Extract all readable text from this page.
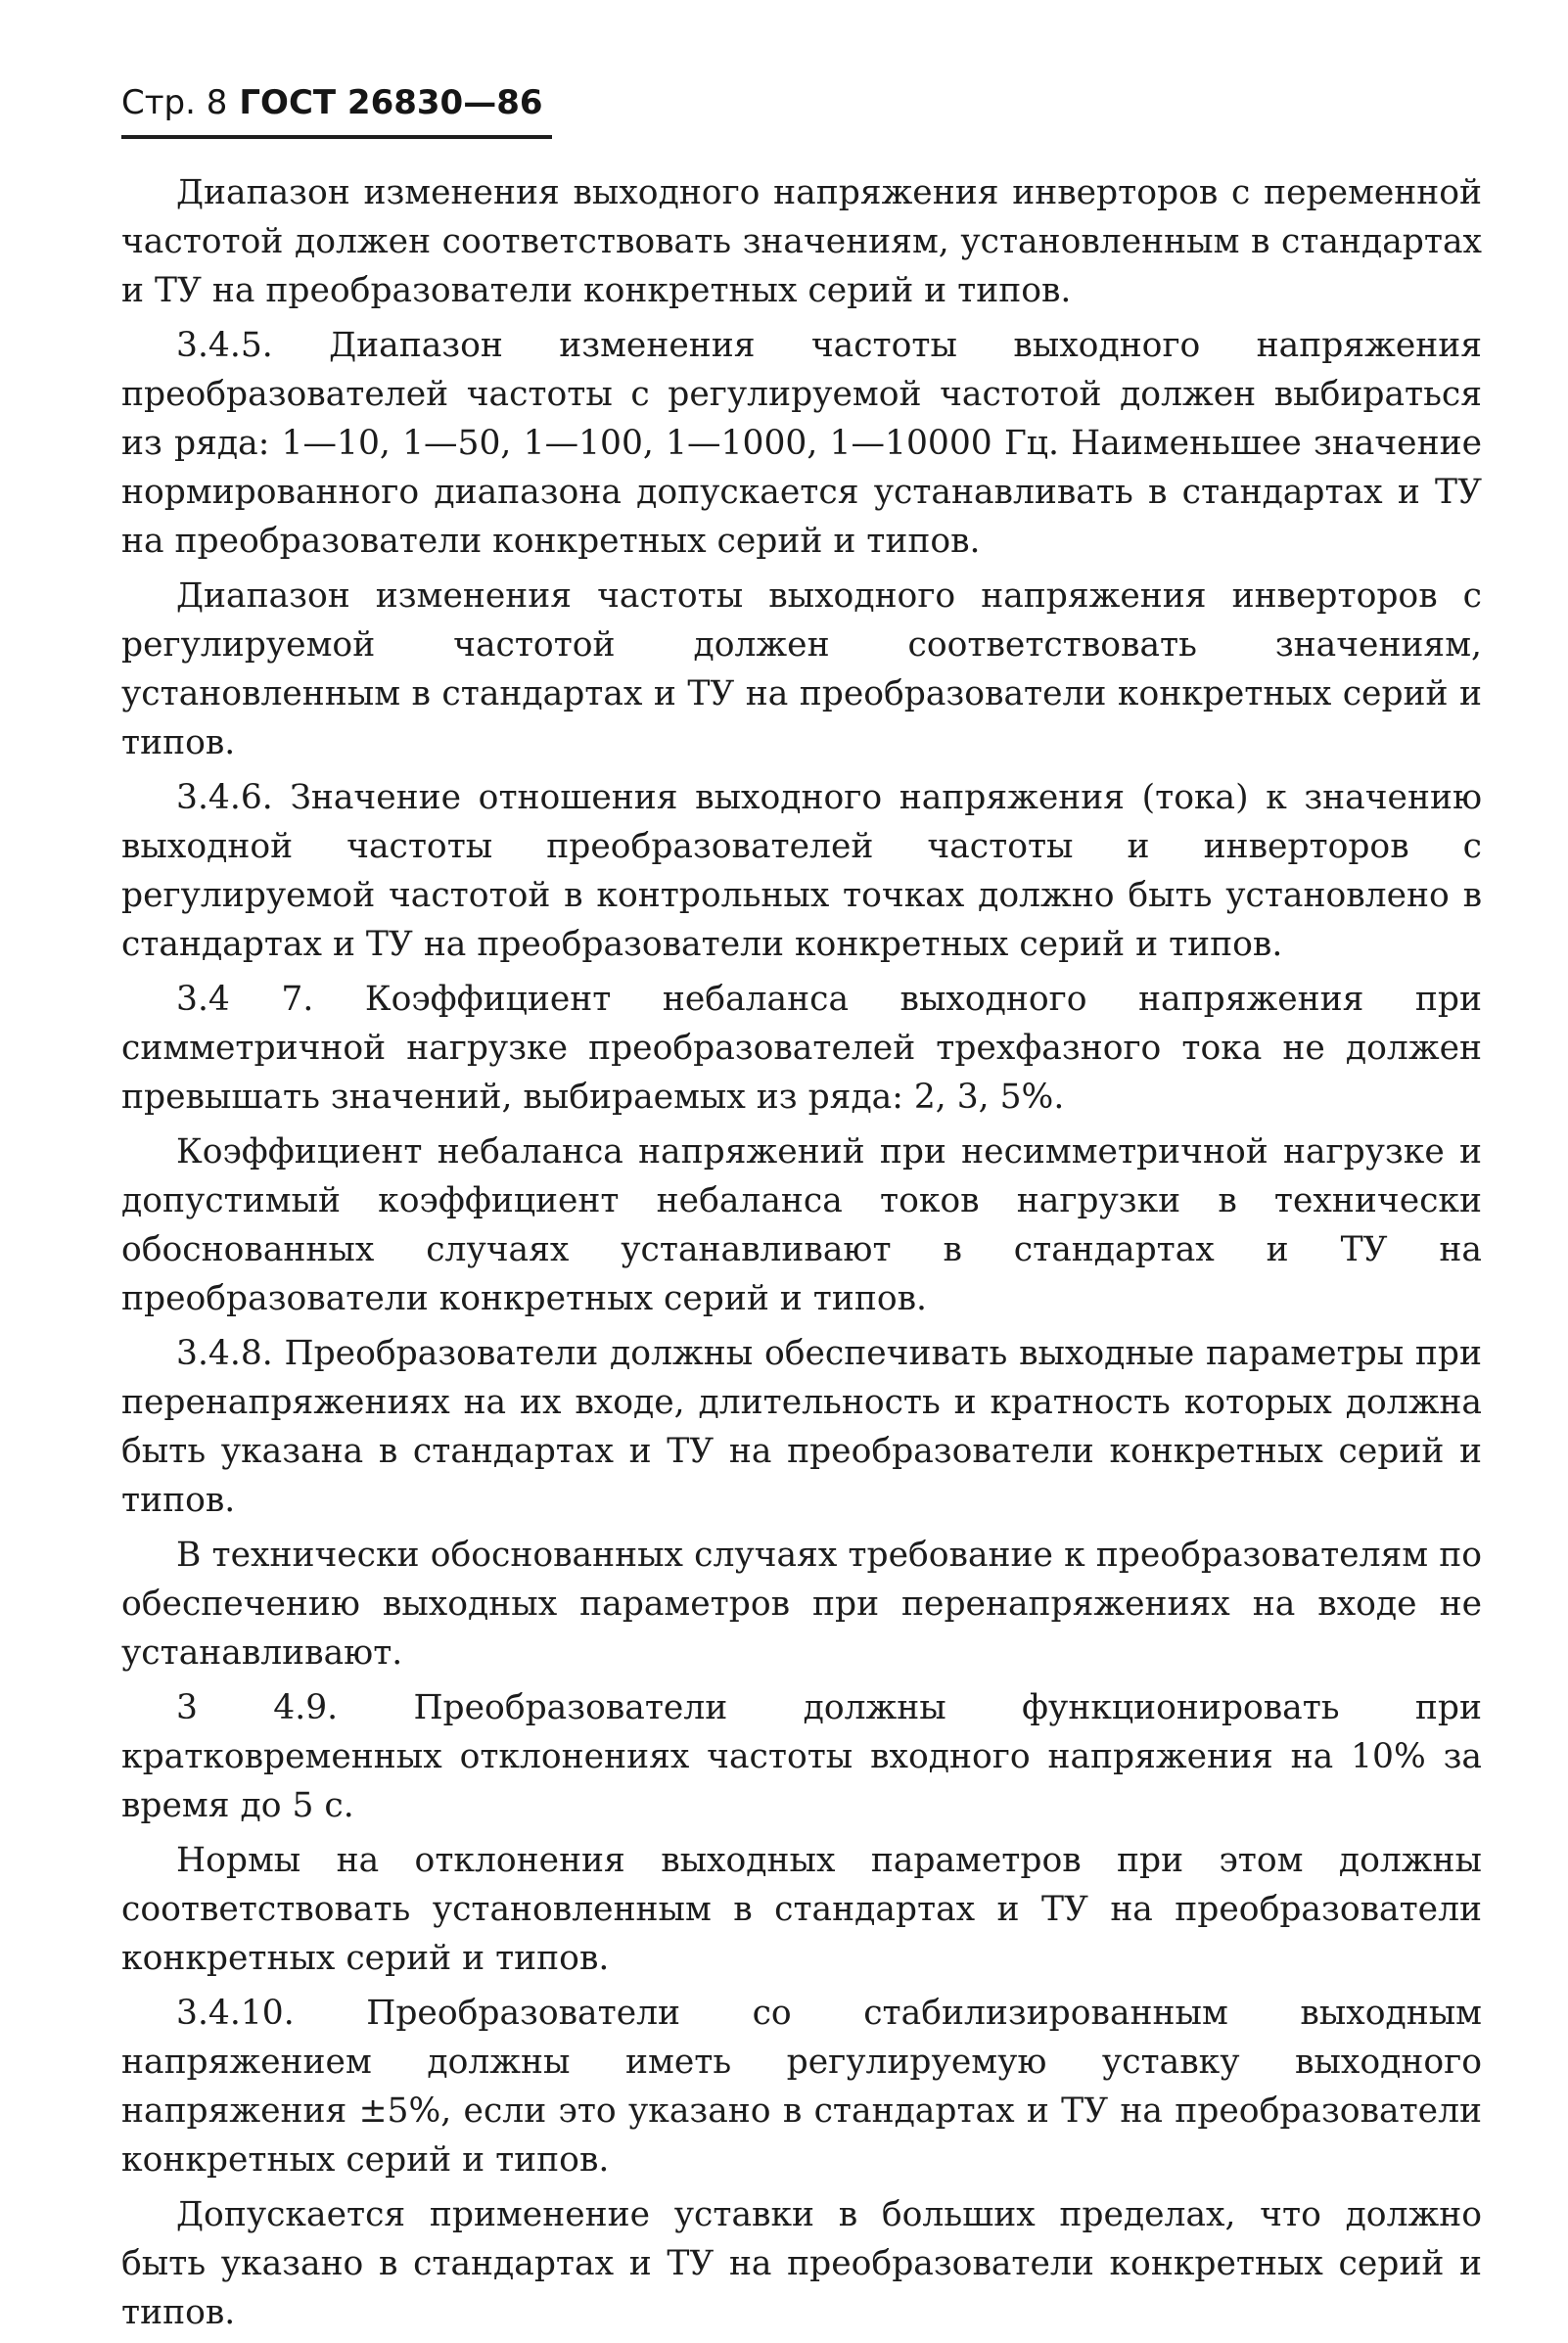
Стр. 8 ГОСТ 26830—86

Диапазон изменения выходного напряжения инверторов с переменной частотой должен соответствовать значениям, установленным в стандартах и ТУ на преобразователи конкретных серий и типов.

3.4.5. Диапазон изменения частоты выходного напряжения преобразователей частоты с регулируемой частотой должен выбираться из ряда: 1—10, 1—50, 1—100, 1—1000, 1—10000 Гц. Наименьшее значение нормированного диапазона допускается устанавливать в стандартах и ТУ на преобразователи конкретных серий и типов.

Диапазон изменения частоты выходного напряжения инверторов с регулируемой частотой должен соответствовать значениям, установленным в стандартах и ТУ на преобразователи конкретных серий и типов.

3.4.6. Значение отношения выходного напряжения (тока) к значению выходной частоты преобразователей частоты и инверторов с регулируемой частотой в контрольных точках должно быть установлено в стандартах и ТУ на преобразователи конкретных серий и типов.

3.4 7. Коэффициент небаланса выходного напряжения при симметричной нагрузке преобразователей трехфазного тока не должен превышать значений, выбираемых из ряда: 2, 3, 5%.

Коэффициент небаланса напряжений при несимметричной нагрузке и допустимый коэффициент небаланса токов нагрузки в технически обоснованных случаях устанавливают в стандартах и ТУ на преобразователи конкретных серий и типов.

3.4.8. Преобразователи должны обеспечивать выходные параметры при перенапряжениях на их входе, длительность и кратность которых должна быть указана в стандартах и ТУ на преобразователи конкретных серий и типов.

В технически обоснованных случаях требование к преобразователям по обеспечению выходных параметров при перенапряжениях на входе не устанавливают.

3 4.9. Преобразователи должны функционировать при кратковременных отклонениях частоты входного напряжения на 10% за время до 5 с.

Нормы на отклонения выходных параметров при этом должны соответствовать установленным в стандартах и ТУ на преобразователи конкретных серий и типов.

3.4.10. Преобразователи со стабилизированным выходным напряжением должны иметь регулируемую уставку выходного напряжения ±5%, если это указано в стандартах и ТУ на преобразователи конкретных серий и типов.

Допускается применение уставки в больших пределах, что должно быть указано в стандартах и ТУ на преобразователи конкретных серий и типов.
